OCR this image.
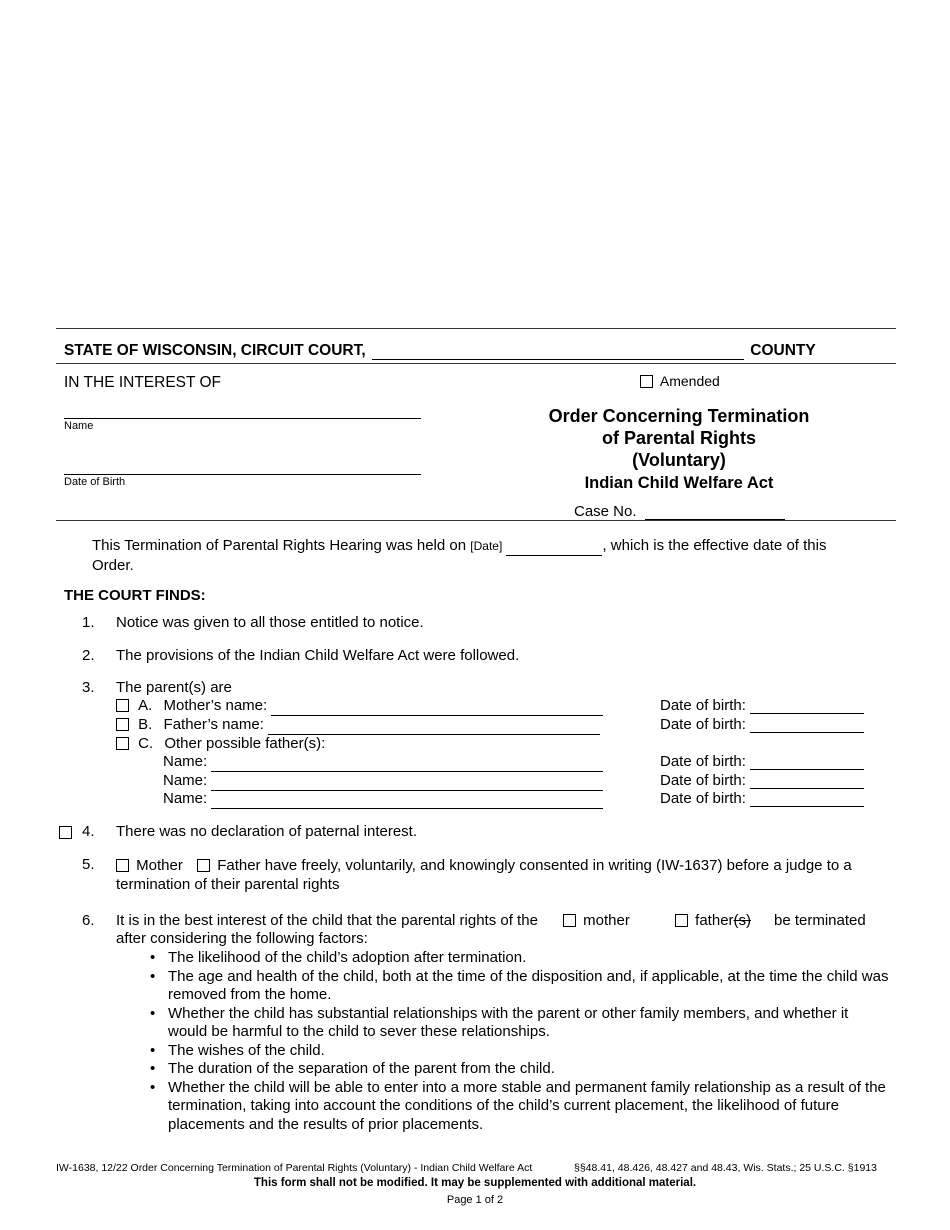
STATE OF WISCONSIN, CIRCUIT COURT,	COUNTY
IN THE INTEREST OF	Amended
Name
Date of Birth
Order Concerning Termination
of Parental Rights
(Voluntary)
Indian Child Welfare Act
Case No.
This Termination of Parental Rights Hearing was held on [Date]	, which is the effective date of this
Order.
THE COURT FINDS:
1. Notice was given to all those entitled to notice.
2. The provisions of the Indian Child Welfare Act were followed.
3. The parent(s) are
A. Mother’s name:	Date of birth:
B. Father’s name:	Date of birth:
C. Other possible father(s):
Name:	Date of birth:
Name:	Date of birth:
Name:	Date of birth:
4. There was no declaration of paternal interest.
5.	Mother Father have freely, voluntarily, and knowingly consented in writing (IW-1637) before a judge to a
termination of their parental rights
6. It is in the best interest of the child that the parental rights of the	mother	father(s) be terminated
after considering the following factors:
• The likelihood of the child’s adoption after termination.
• The age and health of the child, both at the time of the disposition and, if applicable, at the time the child was removed from the home.
• Whether the child has substantial relationships with the parent or other family members, and whether it would be harmful to the child to sever these relationships.
• The wishes of the child.
• The duration of the separation of the parent from the child.
• Whether the child will be able to enter into a more stable and permanent family relationship as a result of the termination, taking into account the conditions of the child’s current placement, the likelihood of future placements and the results of prior placements.
IW-1638, 12/22 Order Concerning Termination of Parental Rights (Voluntary) - Indian Child Welfare Act	§§48.41, 48.426, 48.427 and 48.43, Wis. Stats.; 25 U.S.C. §1913
This form shall not be modified. It may be supplemented with additional material.
Page 1 of 2
